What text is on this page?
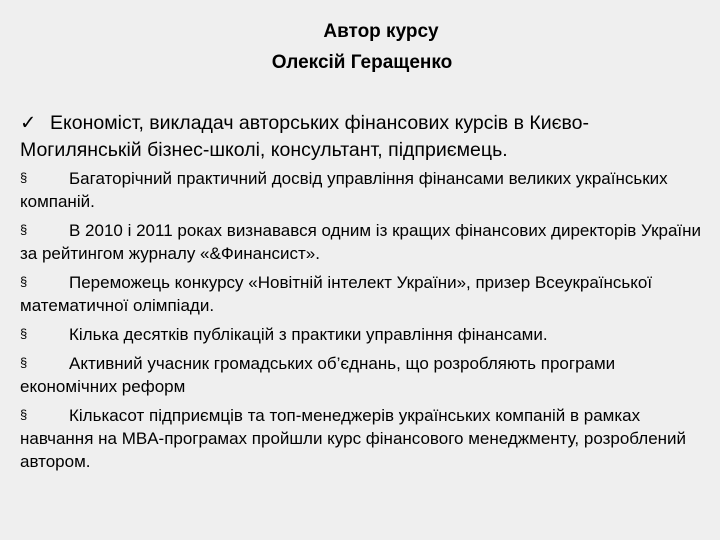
Автор курсу
Олексій Геращенко

✓ Економіст, викладач авторських фінансових курсів в Києво-Могилянській бізнес-школі, консультант, підприємець.

§ Багаторічний практичний досвід управління фінансами великих українських компаній.

§ В 2010 і 2011 роках визнавався одним із кращих фінансових директорів України за рейтингом журналу «&Финансист».

§ Переможець конкурсу «Новітній інтелект України», призер Всеукраїнської математичної олімпіади.

§ Кілька десятків публікацій з практики управління фінансами.

§ Активний учасник громадських об’єднань, що розробляють програми економічних реформ

§ Кількасот підприємців та топ-менеджерів українських компаній в рамках навчання на MBA-програмах пройшли курс фінансового менеджменту, розроблений автором.
